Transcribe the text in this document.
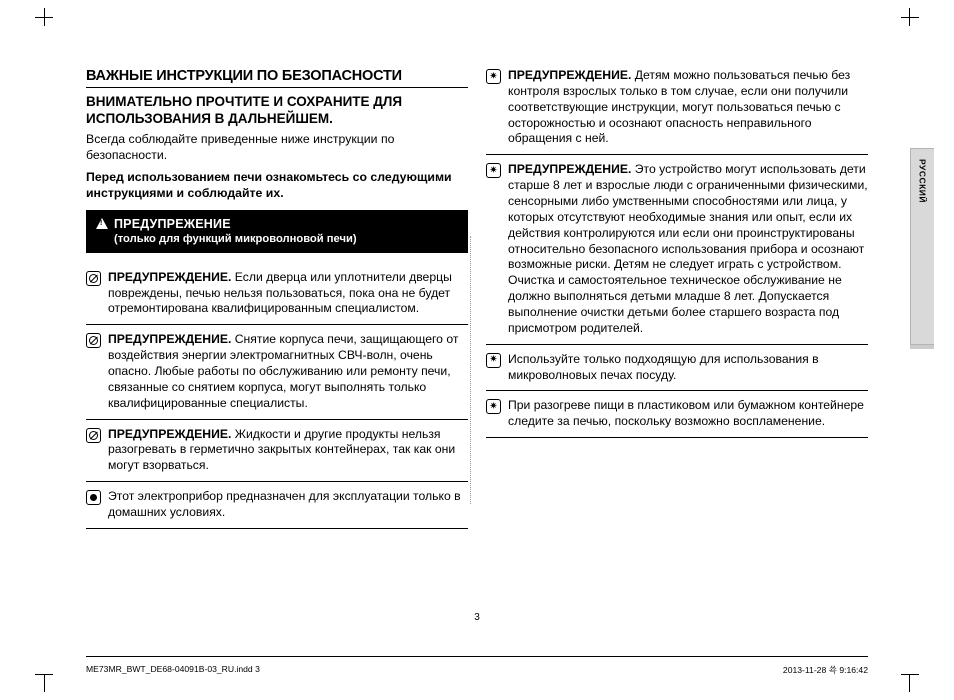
РУССКИЙ
ВАЖНЫЕ ИНСТРУКЦИИ ПО БЕЗОПАСНОСТИ
ВНИМАТЕЛЬНО ПРОЧТИТЕ И СОХРАНИТЕ ДЛЯ ИСПОЛЬЗОВАНИЯ В ДАЛЬНЕЙШЕМ.

Всегда соблюдайте приведенные ниже инструкции по безопасности.

Перед использованием печи ознакомьтесь со следующими инструкциями и соблюдайте их.

!
ПРЕДУПРЕЖЕНИЕ
(только для функций микроволновой печи)
ПРЕДУПРЕЖДЕНИЕ. Если дверца или уплотнители дверцы повреждены, печью нельзя пользоваться, пока она не будет отремонтирована квалифицированным специалистом.
ПРЕДУПРЕЖДЕНИЕ. Снятие корпуса печи, защищающего от воздействия энергии электромагнитных СВЧ-волн, очень опасно. Любые работы по обслуживанию или ремонту печи, связанные со снятием корпуса, могут выполнять только квалифицированные специалисты.
ПРЕДУПРЕЖДЕНИЕ. Жидкости и другие продукты нельзя разогревать в герметично закрытых контейнерах, так как они могут взорваться.
Этот электроприбор предназначен для эксплуатации только в домашних условиях.
✷ ПРЕДУПРЕЖДЕНИЕ. Детям можно пользоваться печью без контроля взрослых только в том случае, если они получили соответствующие инструкции, могут пользоваться печью с осторожностью и осознают опасность неправильного обращения с ней.
✷ ПРЕДУПРЕЖДЕНИЕ. Это устройство могут использовать дети старше 8 лет и взрослые люди с ограниченными физическими, сенсорными либо умственными способностями или лица, у которых отсутствуют необходимые знания или опыт, если их действия контролируются или если они проинструктированы относительно безопасного использования прибора и осознают возможные риски. Детям не следует играть с устройством. Очистка и самостоятельное техническое обслуживание не должно выполняться детьми младше 8 лет. Допускается выполнение очистки детьми более старшего возраста под присмотром родителей.
✷ Используйте только подходящую для использования в микроволновых печах посуду.
✷ При разогреве пищи в пластиковом или бумажном контейнере следите за печью, поскольку возможно воспламенение.
3
ME73MR_BWT_DE68-04091B-03_RU.indd 3	2013-11-28 쑉 9:16:42
